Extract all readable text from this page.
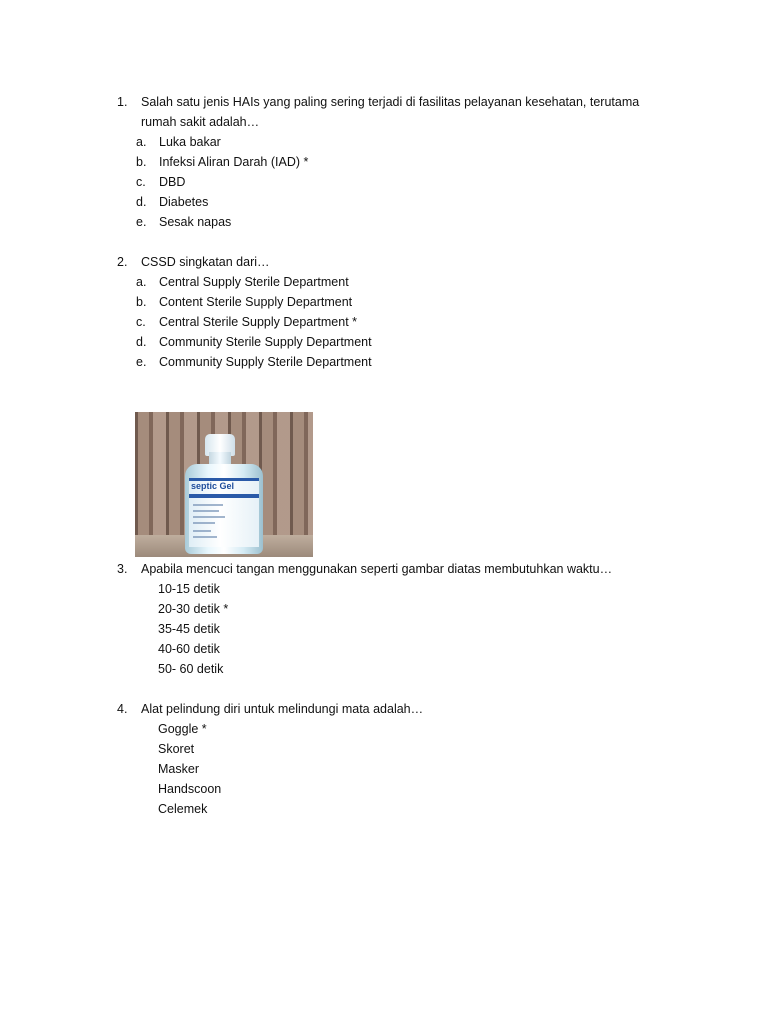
1.	Salah satu jenis HAIs yang paling sering terjadi di fasilitas pelayanan kesehatan, terutama rumah sakit adalah…
a.	Luka bakar
b.	Infeksi Aliran Darah (IAD) *
c.	DBD
d.	Diabetes
e.	Sesak napas
2.	CSSD singkatan dari…
a.	Central Supply Sterile Department
b.	Content Sterile Supply Department
c.	Central Sterile Supply Department *
d.	Community Sterile Supply Department
e.	Community Supply Sterile Department
septic Gel
3.	Apabila mencuci tangan menggunakan seperti gambar diatas membutuhkan waktu…
10-15 detik
20-30 detik *
35-45 detik
40-60 detik
50- 60 detik
4.	Alat pelindung diri untuk melindungi mata adalah…
Goggle *
Skoret
Masker
Handscoon
Celemek
